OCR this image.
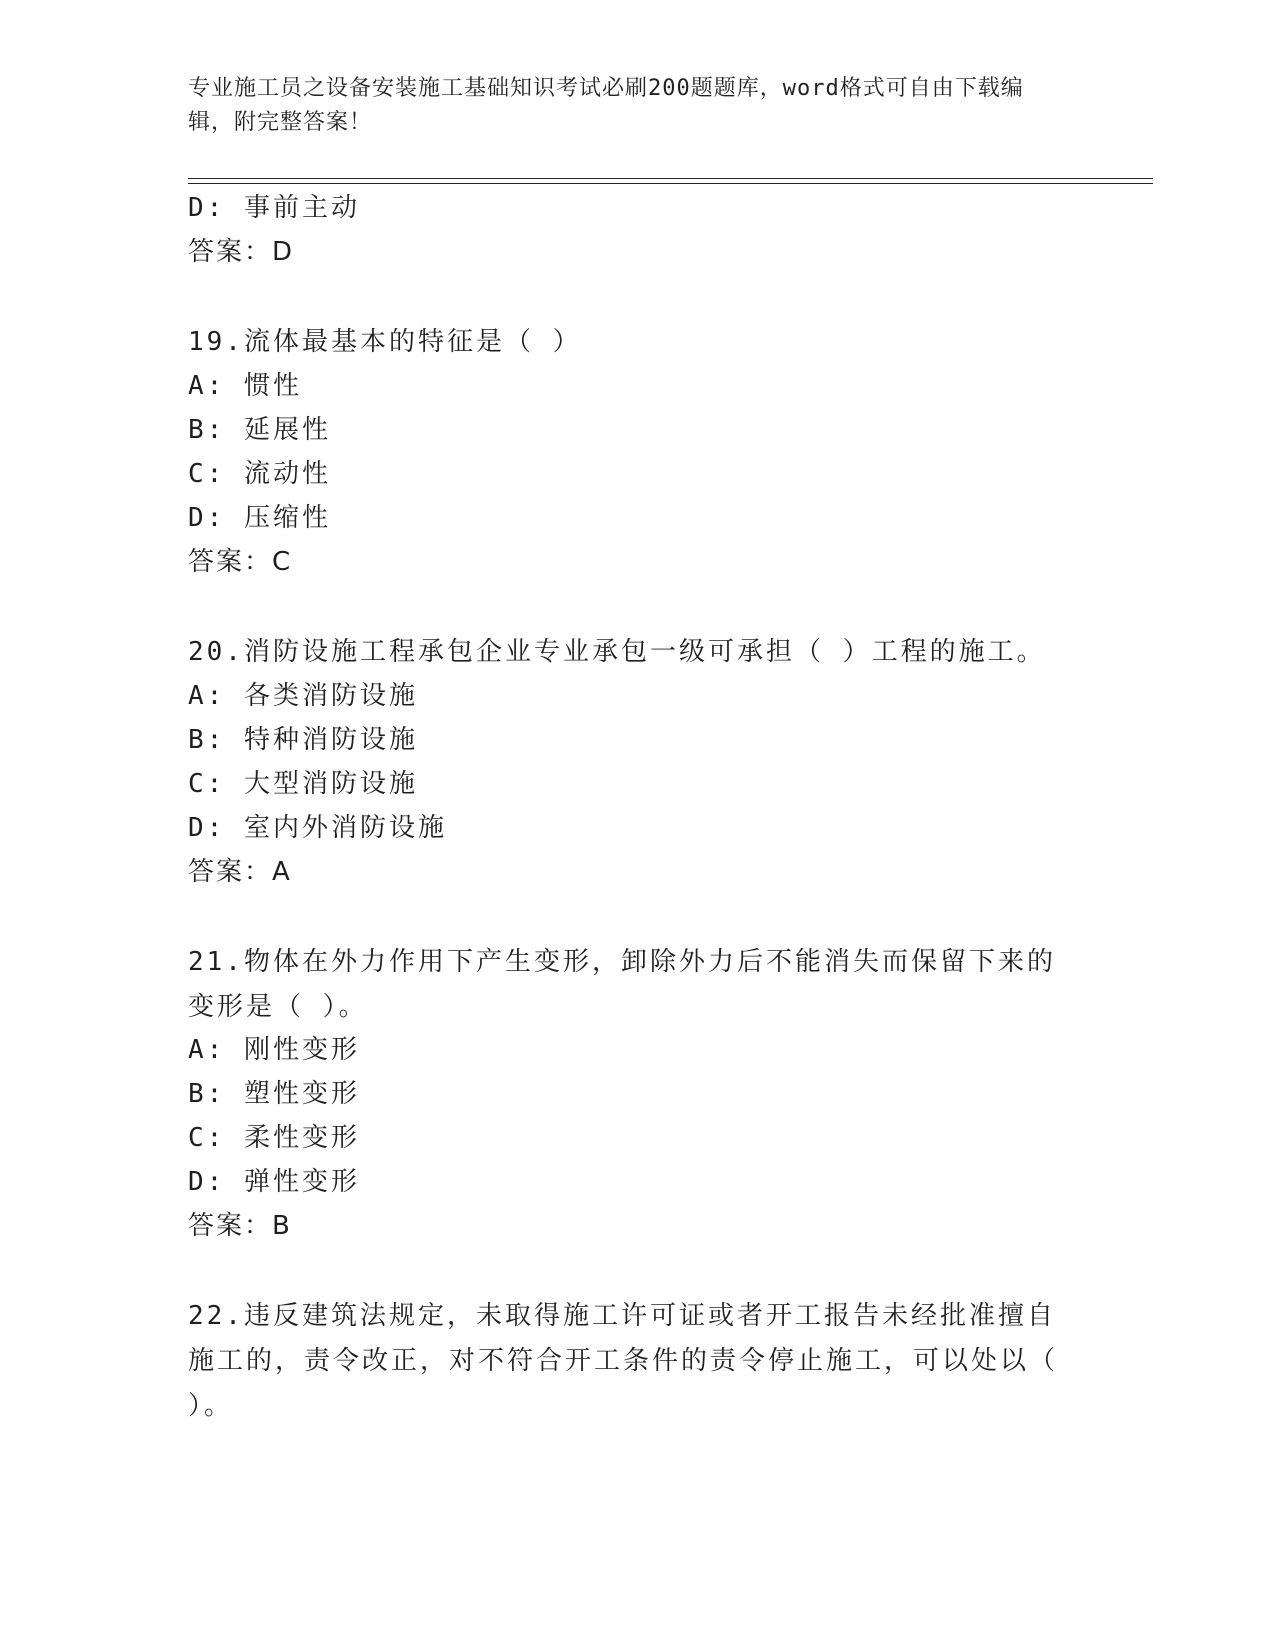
专业施工员之设备安装施工基础知识考试必刷200题题库，word格式可自由下载编辑，附完整答案！
D: 事前主动
答案：D
19.流体最基本的特征是（ ）
A: 惯性
B: 延展性
C: 流动性
D: 压缩性
答案：C
20.消防设施工程承包企业专业承包一级可承担（ ）工程的施工。
A: 各类消防设施
B: 特种消防设施
C: 大型消防设施
D: 室内外消防设施
答案：A
21.物体在外力作用下产生变形，卸除外力后不能消失而保留下来的变形是（ ）。
A: 刚性变形
B: 塑性变形
C: 柔性变形
D: 弹性变形
答案：B
22.违反建筑法规定，未取得施工许可证或者开工报告未经批准擅自施工的，责令改正，对不符合开工条件的责令停止施工，可以处以（ ）。
